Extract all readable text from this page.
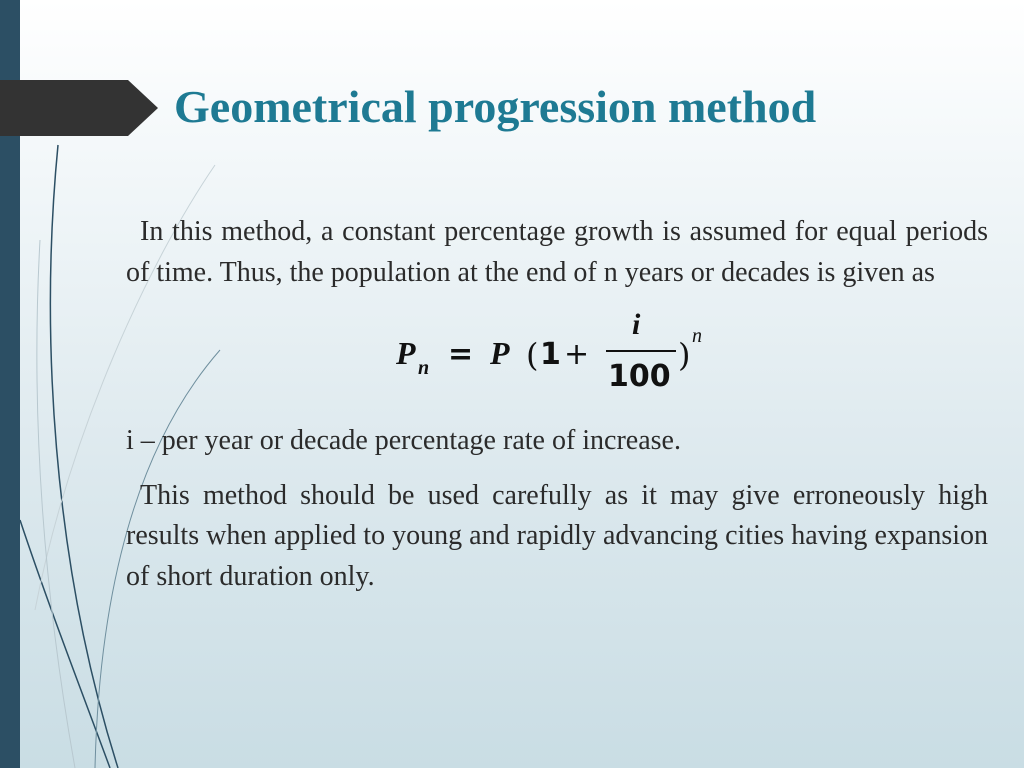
Geometrical progression method

In this method, a constant percentage growth is assumed for equal periods of time. Thus, the population at the end of n years or decades is given as

P n = P ( 1 +
i
100
) n

i – per year or decade percentage rate of increase.

This method should be used carefully as it may give erroneously high results when applied to young and rapidly advancing cities having expansion of short duration only.
